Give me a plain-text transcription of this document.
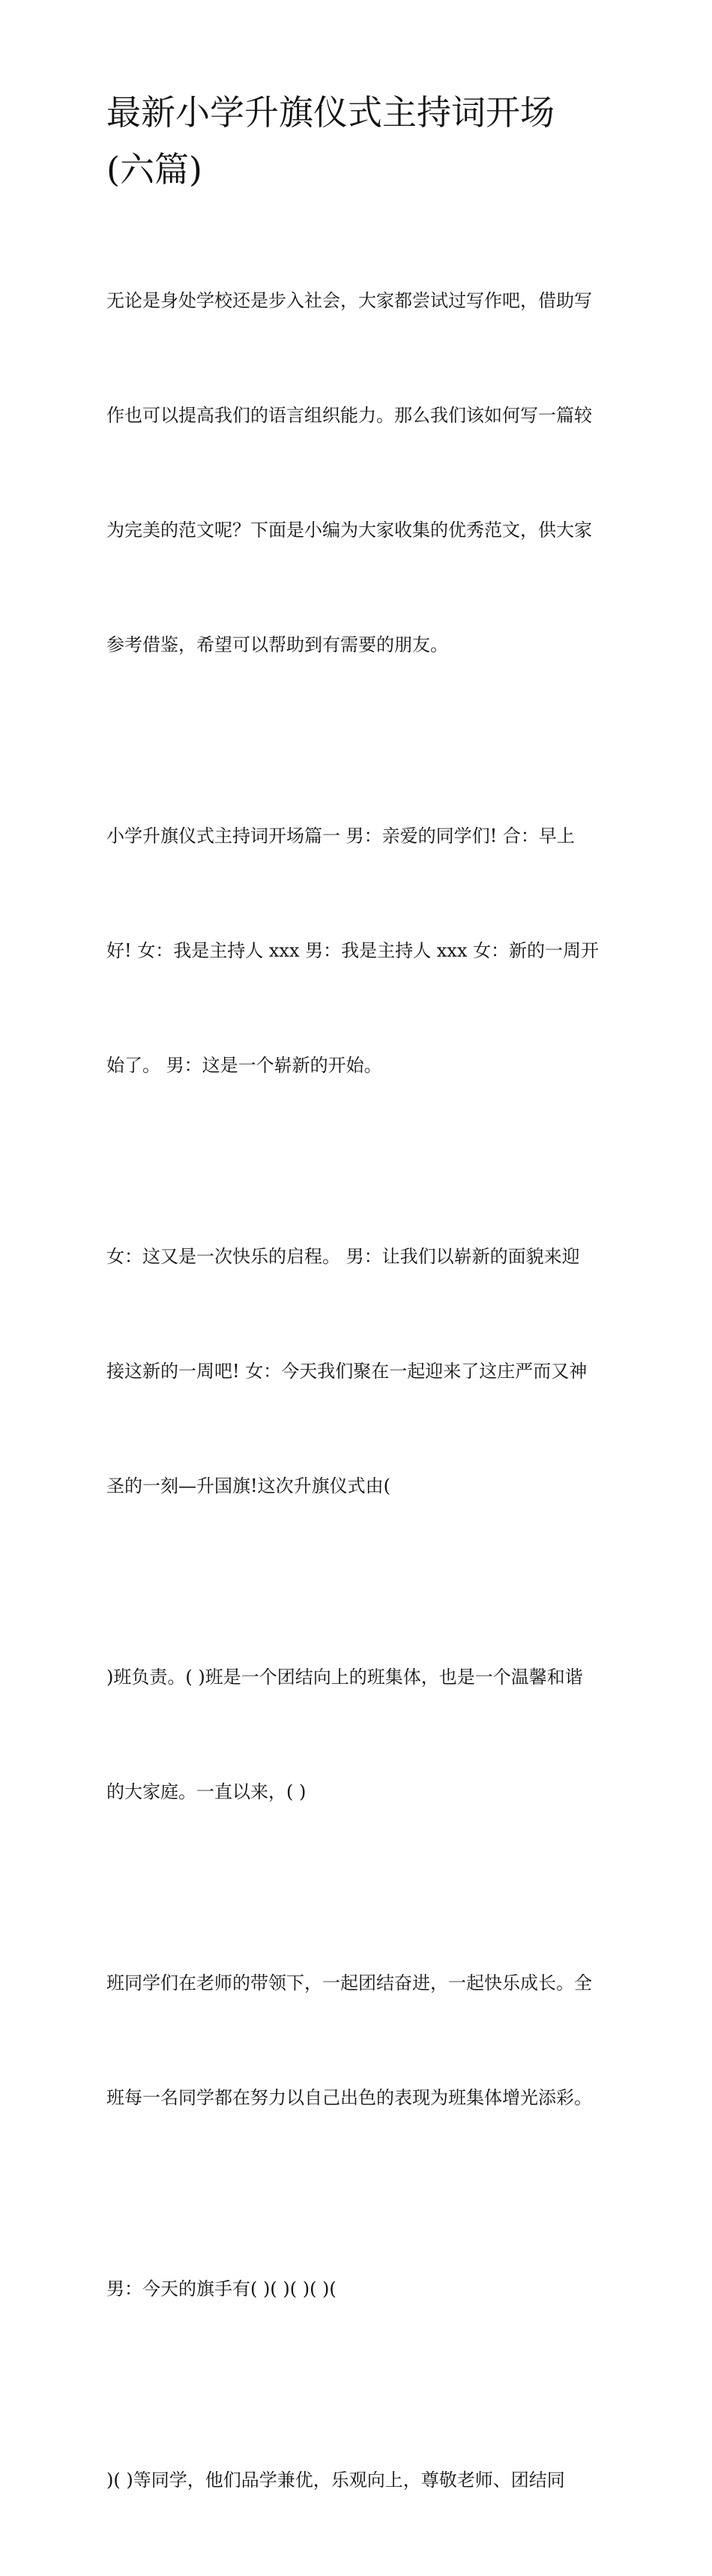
最新小学升旗仪式主持词开场
(六篇)

无论是身处学校还是步入社会，大家都尝试过写作吧，借助写

作也可以提高我们的语言组织能力。那么我们该如何写一篇较

为完美的范文呢？下面是小编为大家收集的优秀范文，供大家

参考借鉴，希望可以帮助到有需要的朋友。

小学升旗仪式主持词开场篇一 男：亲爱的同学们! 合：早上

好! 女：我是主持人 xxx 男：我是主持人 xxx 女：新的一周开

始了。 男：这是一个崭新的开始。

女：这又是一次快乐的启程。 男：让我们以崭新的面貌来迎

接这新的一周吧! 女：今天我们聚在一起迎来了这庄严而又神

圣的一刻—升国旗!这次升旗仪式由(

)班负责。( )班是一个团结向上的班集体，也是一个温馨和谐

的大家庭。一直以来，( )

班同学们在老师的带领下，一起团结奋进，一起快乐成长。全

班每一名同学都在努力以自己出色的表现为班集体增光添彩。

男：今天的旗手有( )( )( )( )(

)( )等同学，他们品学兼优，乐观向上，尊敬老师、团结同
